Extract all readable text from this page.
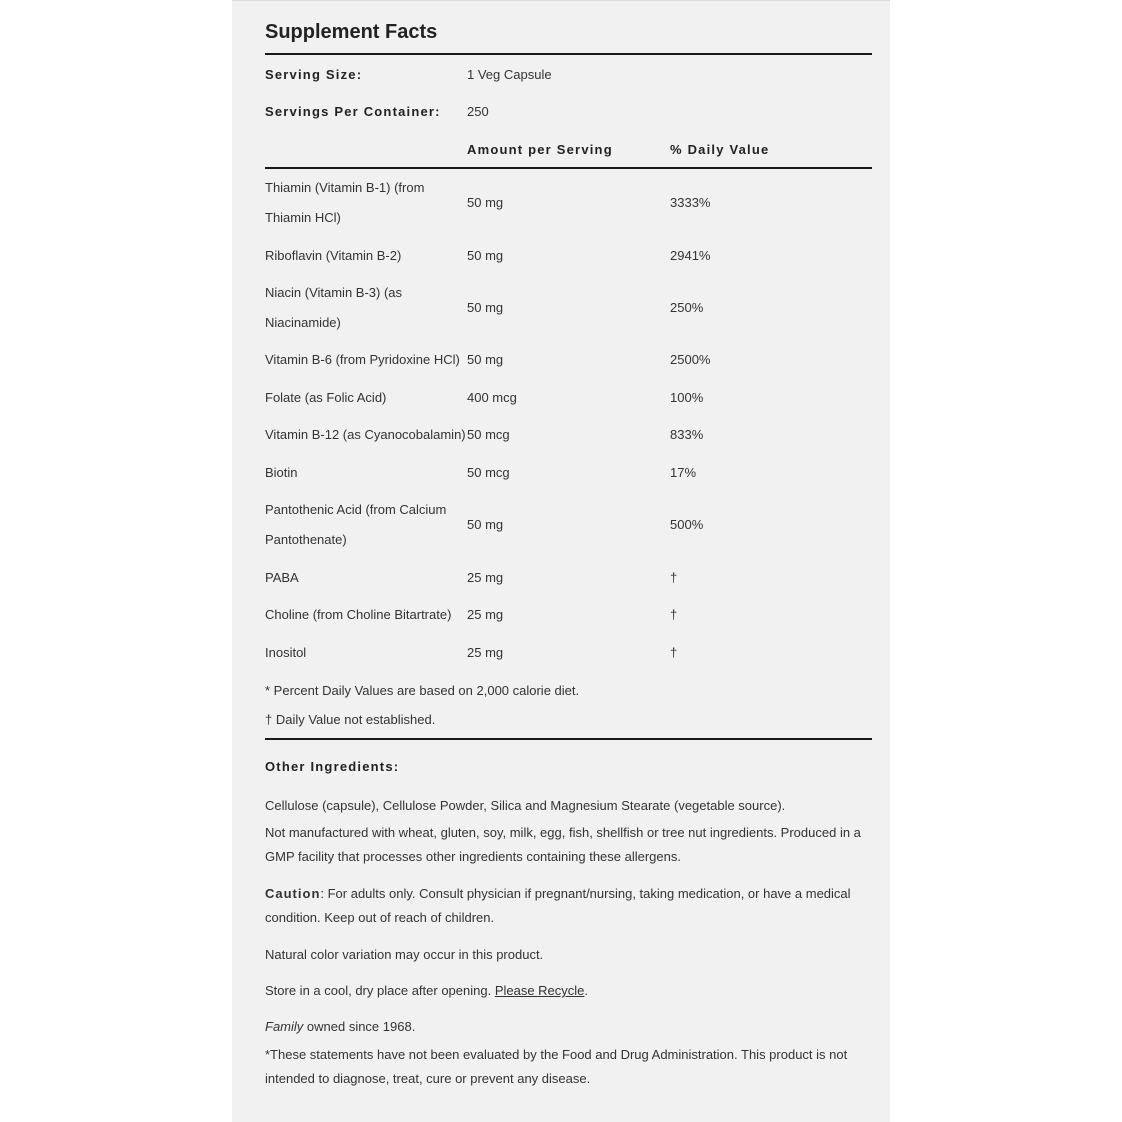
Supplement Facts
Serving Size:	1 Veg Capsule
Servings Per Container: 250
Amount per Serving	% Daily Value
Thiamin (Vitamin B-1) (from Thiamin HCl)
50 mg	3333%
Riboflavin (Vitamin B-2)	50 mg	2941%
Niacin (Vitamin B-3) (as Niacinamide)
50 mg	250%
Vitamin B-6 (from Pyridoxine HCl) 50 mg	2500%
Folate (as Folic Acid)	400 mcg	100%
Vitamin B-12 (as Cyanocobalamin) 50 mcg	833%
Biotin	50 mcg	17%
Pantothenic Acid (from Calcium Pantothenate)
50 mg	500%
PABA	25 mg	†
Choline (from Choline Bitartrate)	25 mg	†
Inositol	25 mg	†
* Percent Daily Values are based on 2,000 calorie diet.
† Daily Value not established.
Other Ingredients:
Cellulose (capsule), Cellulose Powder, Silica and Magnesium Stearate (vegetable source).
Not manufactured with wheat, gluten, soy, milk, egg, fish, shellfish or tree nut ingredients. Produced in a GMP facility that processes other ingredients containing these allergens.
Caution: For adults only. Consult physician if pregnant/nursing, taking medication, or have a medical condition. Keep out of reach of children.
Natural color variation may occur in this product.
Store in a cool, dry place after opening. Please Recycle.
Family owned since 1968.
*These statements have not been evaluated by the Food and Drug Administration. This product is not intended to diagnose, treat, cure or prevent any disease.
